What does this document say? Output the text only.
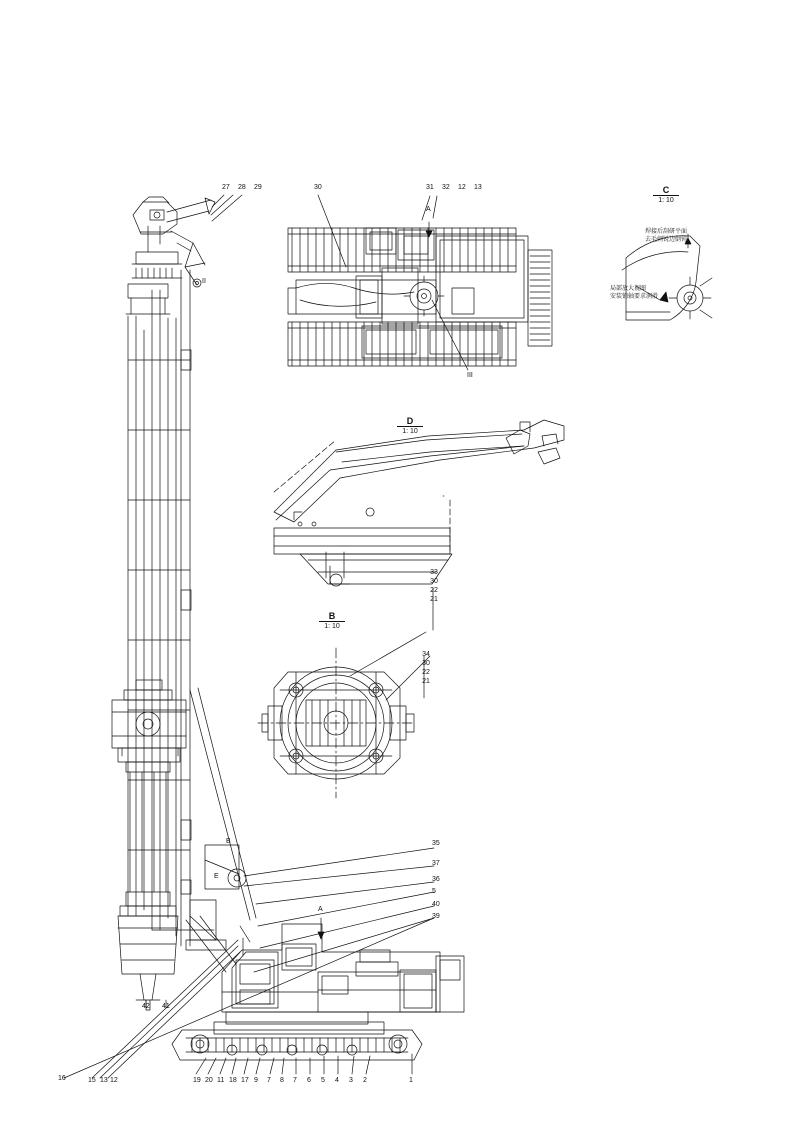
C
1: 10
D
1: 10
B
1: 10
A
A
B
E
II
III
焊接后刮研平面
去毛刺锐边倒钝
局部放大视图
安装销轴要求润滑
27 28 29	30	31 32 12 13
33
30
22
21
34
30
22
21
35
37
36
5
40
39
42 41
16	15 13 12	19 20 11 18 17 9 7 8 7 6 5 4 3 2	1
